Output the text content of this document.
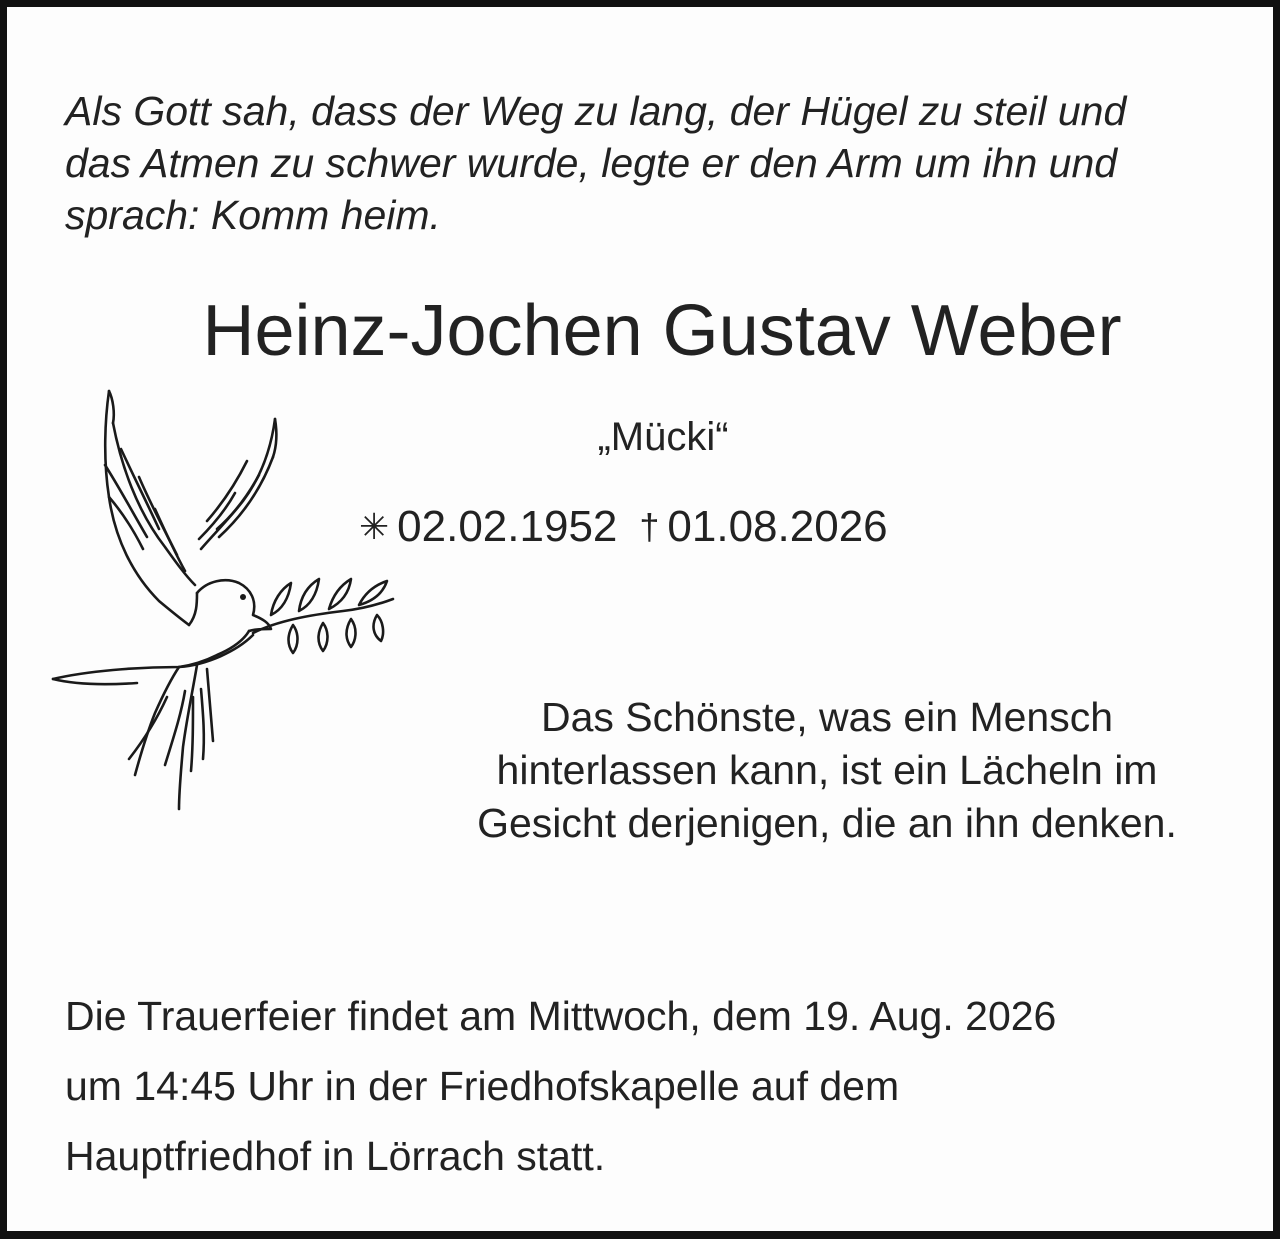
Als Gott sah, dass der Weg zu lang, der Hügel zu steil und
das Atmen zu schwer wurde, legte er den Arm um ihn und
sprach: Komm heim.
Heinz-Jochen Gustav Weber
„Mücki“
✳ 02.02.1952 † 01.08.2026
Das Schönste, was ein Mensch
hinterlassen kann, ist ein Lächeln im
Gesicht derjenigen, die an ihn denken.
Die Trauerfeier findet am Mittwoch, dem 19. Aug. 2026
um 14:45 Uhr in der Friedhofskapelle auf dem
Hauptfriedhof in Lörrach statt.
